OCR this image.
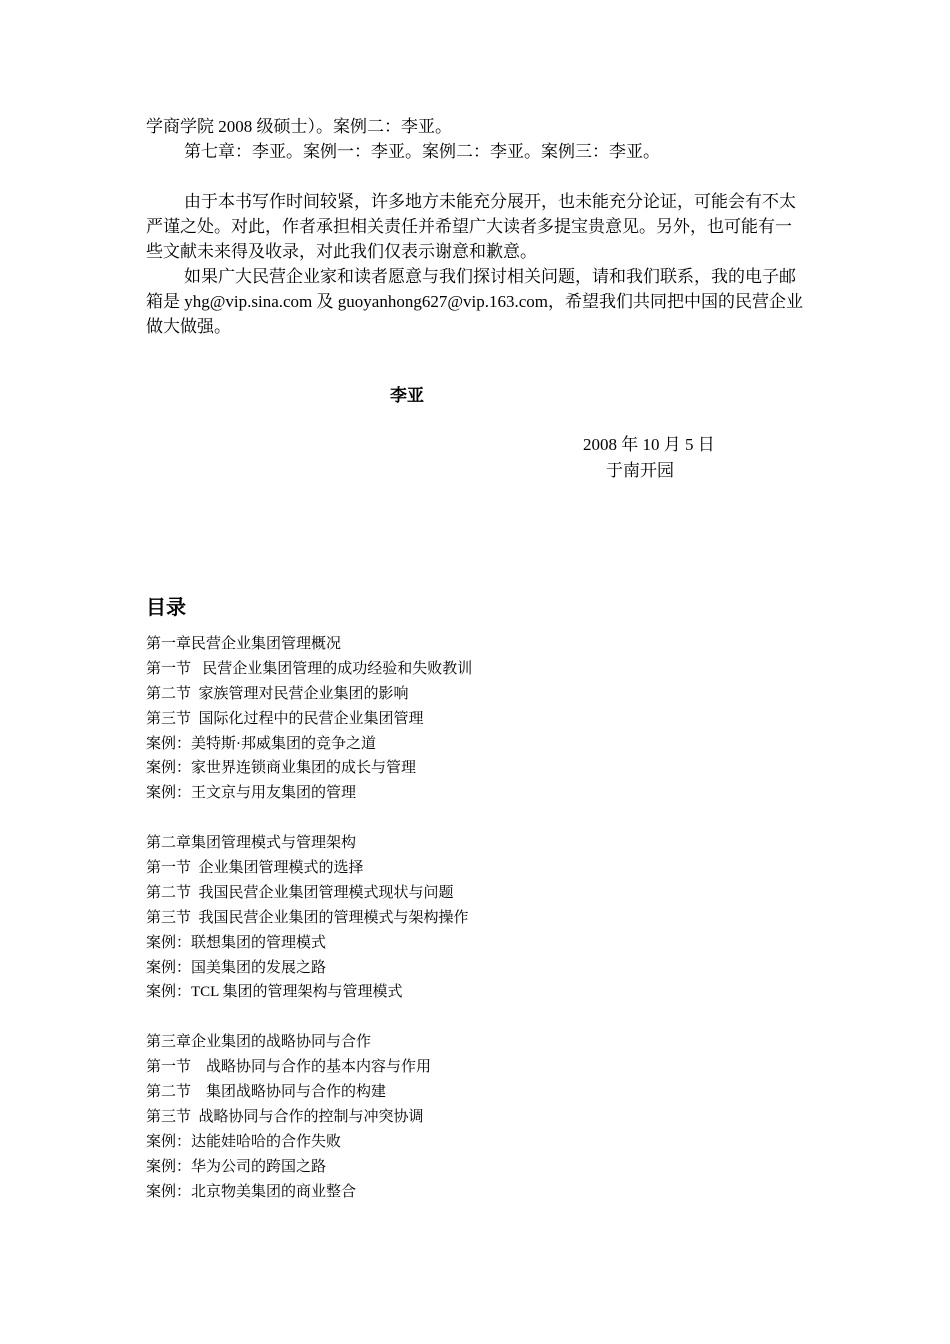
学商学院 2008 级硕士）。案例二：李亚。

第七章：李亚。案例一：李亚。案例二：李亚。案例三：李亚。

由于本书写作时间较紧，许多地方未能充分展开，也未能充分论证，可能会有不太严谨之处。对此，作者承担相关责任并希望广大读者多提宝贵意见。另外，也可能有一些文献未来得及收录，对此我们仅表示谢意和歉意。

如果广大民营企业家和读者愿意与我们探讨相关问题，请和我们联系，我的电子邮箱是 yhg@vip.sina.com 及 guoyanhong627@vip.163.com，希望我们共同把中国的民营企业做大做强。

李亚
2008 年 10 月 5 日
于南开园
目录
第一章民营企业集团管理概况
第一节   民营企业集团管理的成功经验和失败教训
第二节  家族管理对民营企业集团的影响
第三节  国际化过程中的民营企业集团管理
案例：美特斯·邦威集团的竞争之道
案例：家世界连锁商业集团的成长与管理
案例：王文京与用友集团的管理
第二章集团管理模式与管理架构
第一节  企业集团管理模式的选择
第二节  我国民营企业集团管理模式现状与问题
第三节  我国民营企业集团的管理模式与架构操作
案例：联想集团的管理模式
案例：国美集团的发展之路
案例：TCL 集团的管理架构与管理模式
第三章企业集团的战略协同与合作
第一节    战略协同与合作的基本内容与作用
第二节    集团战略协同与合作的构建
第三节  战略协同与合作的控制与冲突协调
案例：达能娃哈哈的合作失败
案例：华为公司的跨国之路
案例：北京物美集团的商业整合
